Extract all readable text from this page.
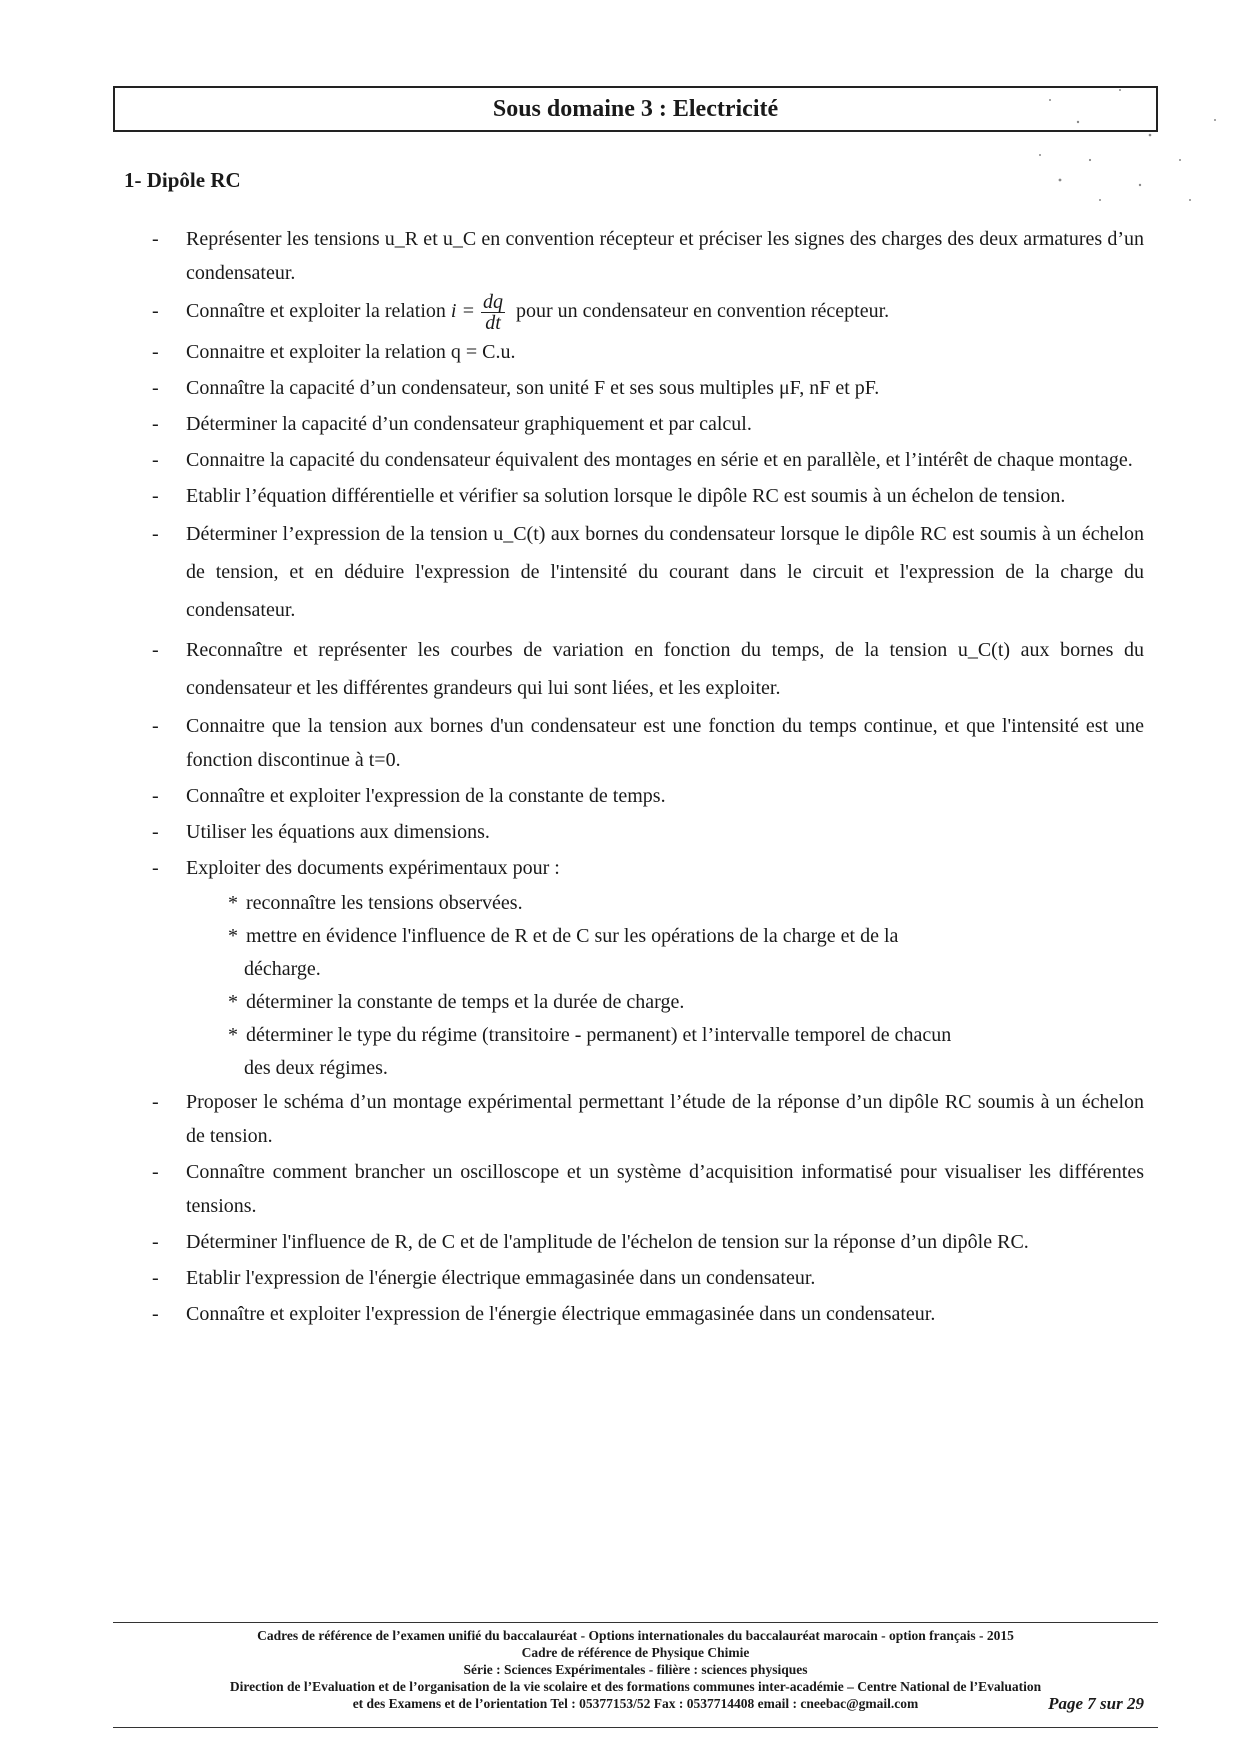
Sous domaine 3 : Electricité
1- Dipôle RC
- Représenter les tensions u_R et u_C en convention récepteur et préciser les signes des charges des deux armatures d’un condensateur.
- Connaître et exploiter la relation $i = \frac{dq}{dt}$ pour un condensateur en convention récepteur.
- Connaitre et exploiter la relation q = C.u.
- Connaître la capacité d’un condensateur, son unité F et ses sous multiples μF, nF et pF.
- Déterminer la capacité d’un condensateur graphiquement et par calcul.
- Connaitre la capacité du condensateur équivalent des montages en série et en parallèle, et l’intérêt de chaque montage.
- Etablir l’équation différentielle et vérifier sa solution lorsque le dipôle RC est soumis à un échelon de tension.
- Déterminer l’expression de la tension u_C(t) aux bornes du condensateur lorsque le dipôle RC est soumis à un échelon de tension, et en déduire l'expression de l'intensité du courant dans le circuit et l'expression de la charge du condensateur.
- Reconnaître et représenter les courbes de variation en fonction du temps, de la tension u_C(t) aux bornes du condensateur et les différentes grandeurs qui lui sont liées, et les exploiter.
- Connaitre que la tension aux bornes d'un condensateur est une fonction du temps continue, et que l'intensité est une fonction discontinue à t=0.
- Connaître et exploiter l'expression de la constante de temps.
- Utiliser les équations aux dimensions.
- Exploiter des documents expérimentaux pour :
* reconnaître les tensions observées.
* mettre en évidence l'influence de R et de C sur les opérations de la charge et de la
décharge.
* déterminer la constante de temps et la durée de charge.
* déterminer le type du régime (transitoire - permanent) et l’intervalle temporel de chacun
des deux régimes.
- Proposer le schéma d’un montage expérimental permettant l’étude de la réponse d’un dipôle RC soumis à un échelon de tension.
- Connaître comment brancher un oscilloscope et un système d’acquisition informatisé pour visualiser les différentes tensions.
- Déterminer l'influence de R, de C et de l'amplitude de l'échelon de tension sur la réponse d’un dipôle RC.
- Etablir l'expression de l'énergie électrique emmagasinée dans un condensateur.
- Connaître et exploiter l'expression de l'énergie électrique emmagasinée dans un condensateur.
Cadres de référence de l’examen unifié du baccalauréat - Options internationales du baccalauréat marocain - option français - 2015
Cadre de référence de Physique Chimie
Série : Sciences Expérimentales - filière : sciences physiques
Direction de l’Evaluation et de l’organisation de la vie scolaire et des formations communes inter-académie – Centre National de l’Evaluation
et des Examens et de l’orientation Tel : 05377153/52 Fax : 0537714408 email : cneebac@gmail.com	Page 7 sur 29
